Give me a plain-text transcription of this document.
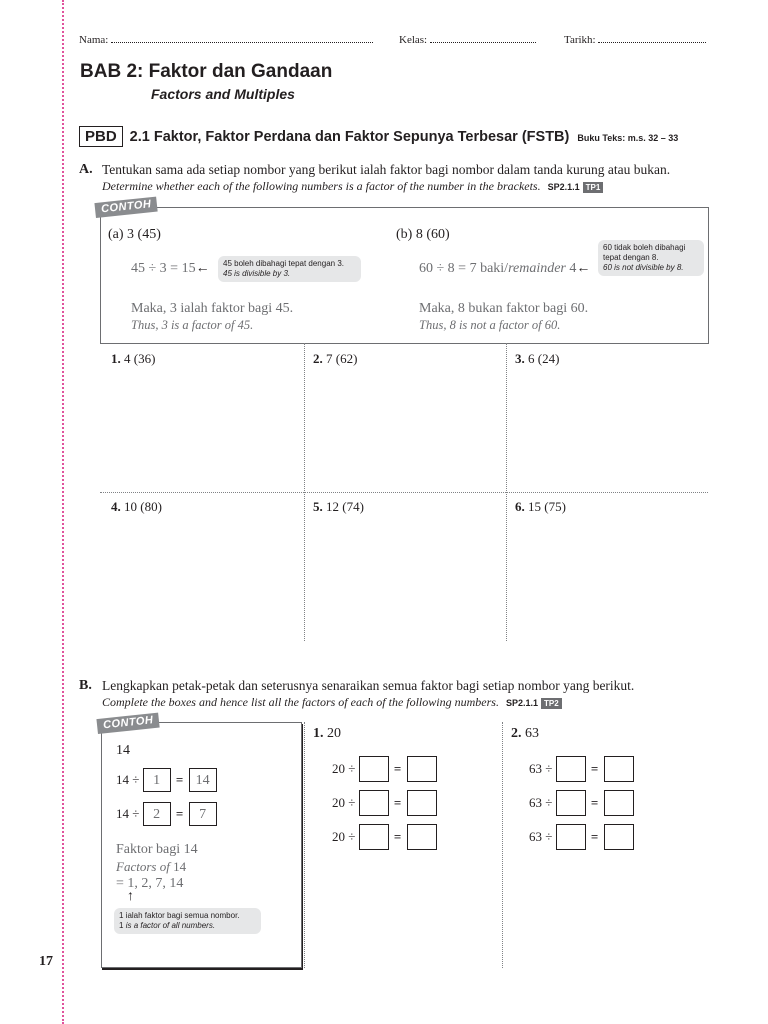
Nama:	Kelas:	Tarikh:
BAB 2: Faktor dan Gandaan
Factors and Multiples
PBD 2.1 Faktor, Faktor Perdana dan Faktor Sepunya Terbesar (FSTB) Buku Teks: m.s. 32 – 33
A. Tentukan sama ada setiap nombor yang berikut ialah faktor bagi nombor dalam tanda kurung atau bukan.
Determine whether each of the following numbers is a factor of the number in the brackets. SP2.1.1 TP1
CONTOH
(a) 3 (45)
45 ÷ 3 = 15← 45 boleh dibahagi tepat dengan 3.
45 is divisible by 3.
Maka, 3 ialah faktor bagi 45.
Thus, 3 is a factor of 45.
(b) 8 (60)
60 ÷ 8 = 7 baki/remainder 4←
60 tidak boleh dibahagi tepat dengan 8.
60 is not divisible by 8.
Maka, 8 bukan faktor bagi 60.
Thus, 8 is not a factor of 60.
1. 4 (36)	2. 7 (62)	3. 6 (24)
4. 10 (80)	5. 12 (74)	6. 15 (75)
B. Lengkapkan petak-petak dan seterusnya senaraikan semua faktor bagi setiap nombor yang berikut.
Complete the boxes and hence list all the factors of each of the following numbers. SP2.1.1 TP2
CONTOH
14
14 ÷ 1 = 14
14 ÷ 2 = 7
Faktor bagi 14
Factors of 14
= 1, 2, 7, 14
↑
1 ialah faktor bagi semua nombor.
1 is a factor of all numbers.
1. 20
20 ÷	=
20 ÷	=
20 ÷	=
2. 63
63 ÷	=
63 ÷	=
63 ÷	=
17
